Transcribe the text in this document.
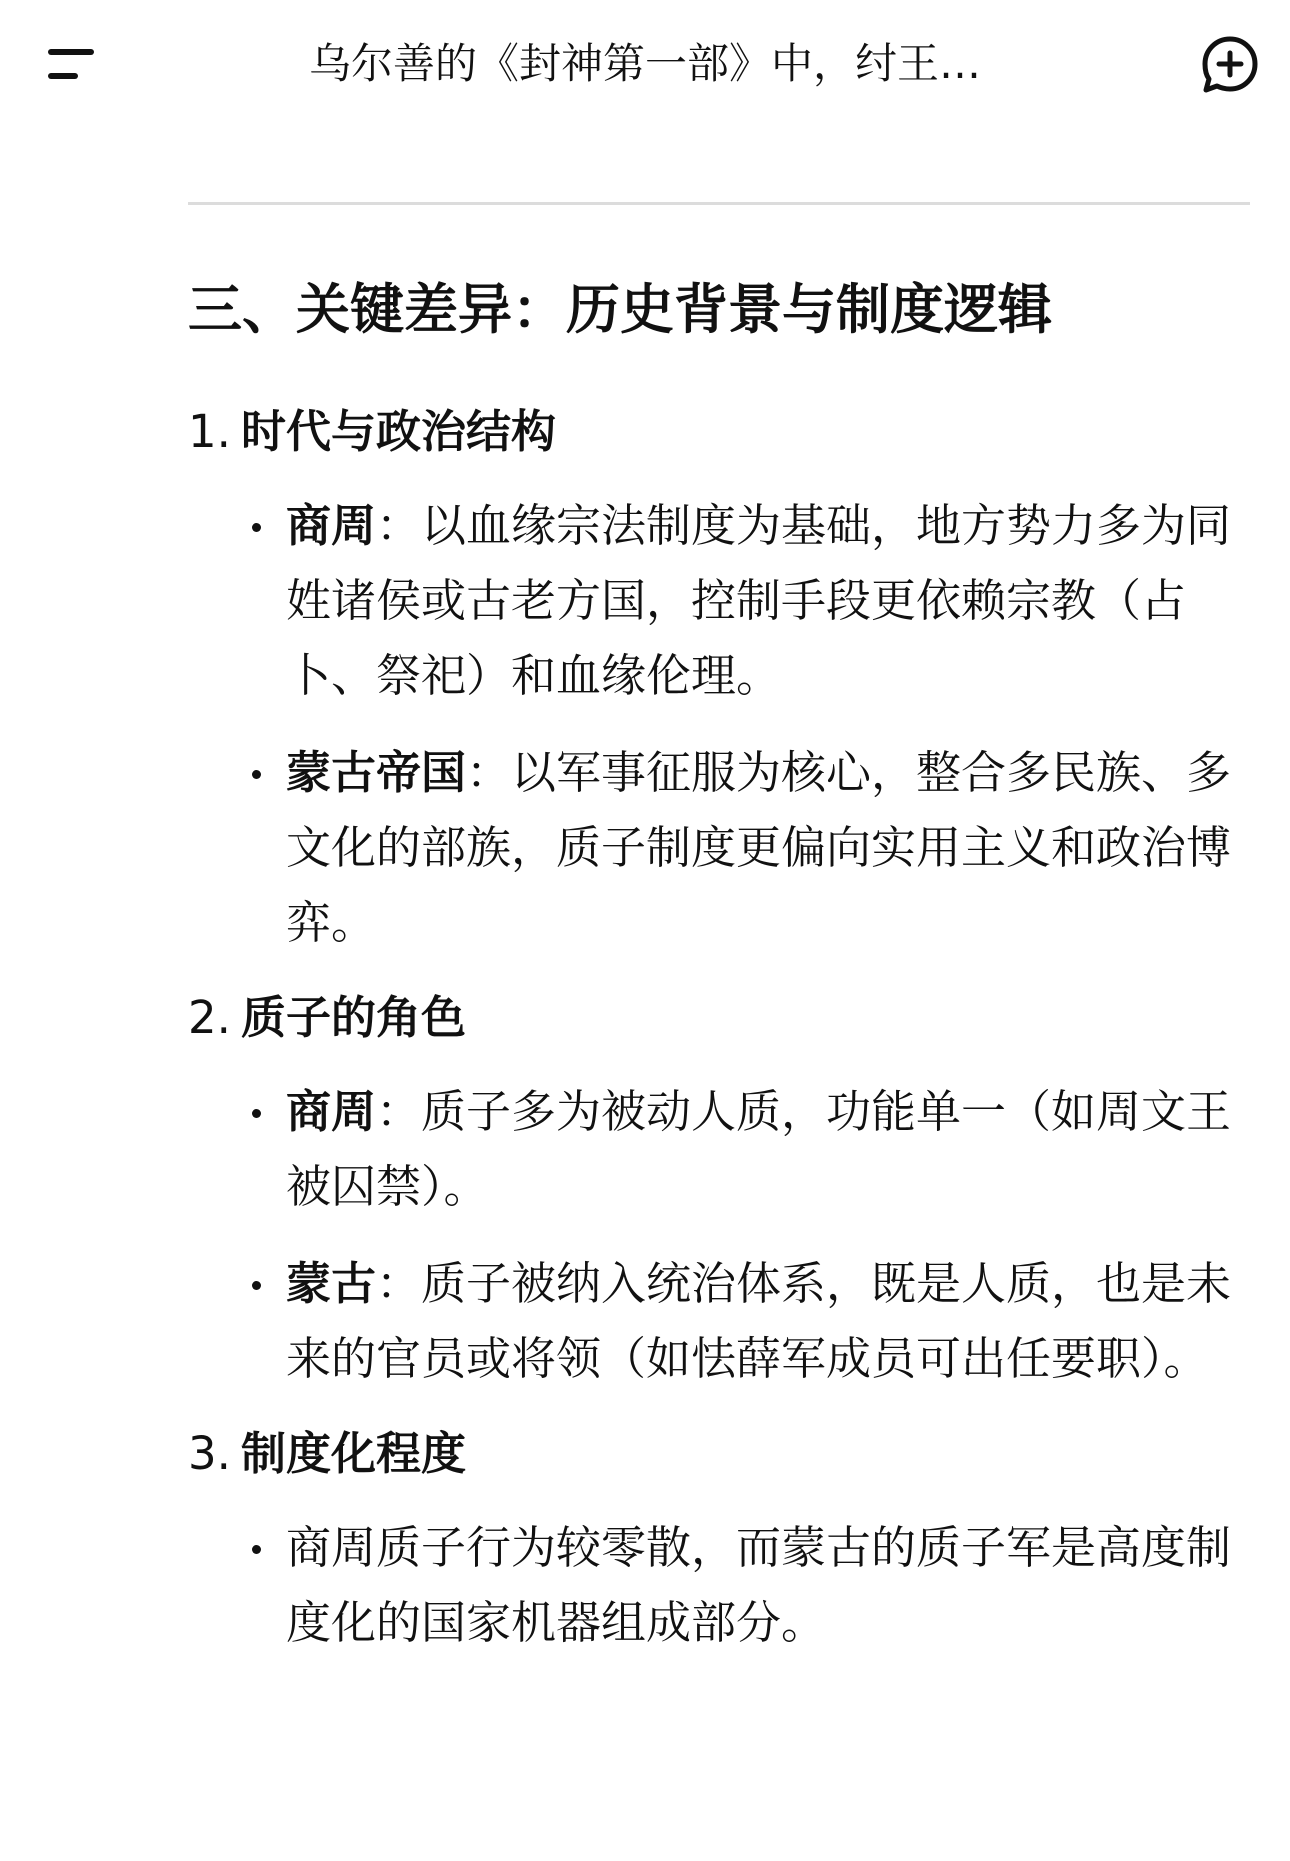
乌尔善的《封神第一部》中，纣王…
三、关键差异：历史背景与制度逻辑
1. 时代与政治结构
商周：以血缘宗法制度为基础，地方势力多为同姓诸侯或古老方国，控制手段更依赖宗教（占卜、祭祀）和血缘伦理。
蒙古帝国：以军事征服为核心，整合多民族、多文化的部族，质子制度更偏向实用主义和政治博弈。
2. 质子的角色
商周：质子多为被动人质，功能单一（如周文王被囚禁）。
蒙古：质子被纳入统治体系，既是人质，也是未来的官员或将领（如怯薛军成员可出任要职）。
3. 制度化程度
商周质子行为较零散，而蒙古的质子军是高度制度化的国家机器组成部分。
